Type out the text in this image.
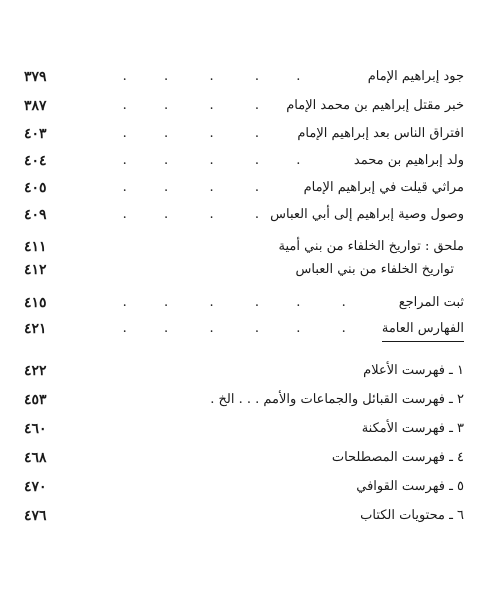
٣٧٩	.         .          .          .         .	جود إبراهيم الإمام
٣٨٧	.         .          .          . خبر مقتل إبراهيم بن محمد الإمام
٤٠٣	.         .          .          .	افتراق الناس بعد إبراهيم الإمام
٤٠٤	.         .          .          .         .	ولد إبراهيم بن محمد
٤٠٥	.         .          .          .	مراثي قيلت في إبراهيم الإمام
٤٠٩	.         .          .          . وصول وصية إبراهيم إلى أبي العباس
٤١١	ملحق : تواريخ الخلفاء من بني أمية
٤١٢	تواريخ الخلفاء من بني العباس
٤١٥	.         .          .          .         .          .	ثبت المراجع
٤٢١	.         .          .          .         .          .	الفهارس العامة
٤٢٢	١ ـ فهرست الأعلام
٤٥٣	٢ ـ فهرست القبائل والجماعات والأمم . . . الخ .
٤٦٠	٣ ـ فهرست الأمكنة
٤٦٨	٤ ـ فهرست المصطلحات
٤٧٠	٥ ـ فهرست القوافي
٤٧٦	٦ ـ محتويات الكتاب
